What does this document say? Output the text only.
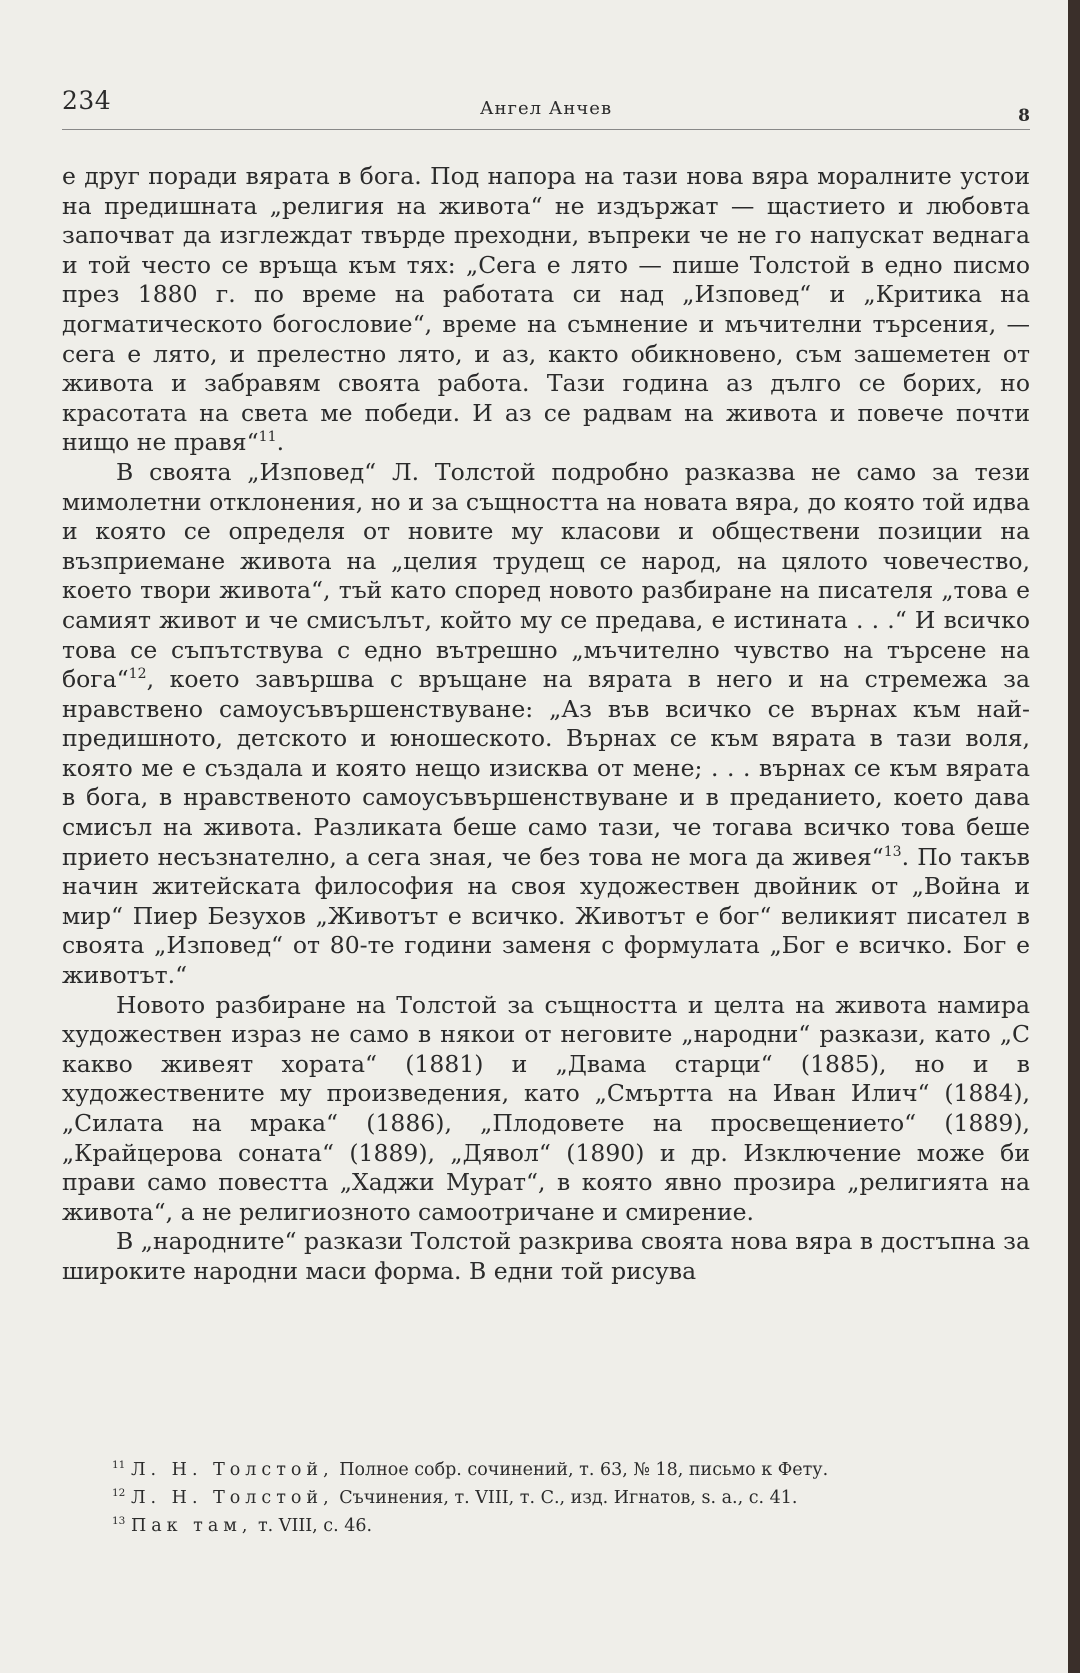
234	Ангел Анчев	8

е друг поради вярата в бога. Под напора на тази нова вяра моралните устои на предишната „религия на живота“ не издържат — щастието и любовта започват да изглеждат твърде преходни, въпреки че не го напускат веднага и той често се връща към тях: „Сега е лято — пише Толстой в едно писмо през 1880 г. по време на работата си над „Изповед“ и „Критика на догматическото богословие“, време на съмнение и мъчителни търсения, — сега е лято, и прелестно лято, и аз, както обикновено, съм зашеметен от живота и забравям своята работа. Тази година аз дълго се борих, но красотата на света ме победи. И аз се радвам на живота и повече почти нищо не правя“$^{11}$.

В своята „Изповед“ Л. Толстой подробно разказва не само за тези мимолетни отклонения, но и за същността на новата вяра, до която той идва и която се определя от новите му класови и обществени позиции на възприемане живота на „целия трудещ се народ, на цялото човечество, което твори живота“, тъй като според новото разбиране на писателя „това е самият живот и че смисълът, който му се предава, е истината . . .“ И всичко това се съпътствува с едно вътрешно „мъчително чувство на търсене на бога“$^{12}$, което завършва с връщане на вярата в него и на стремежа за нравствено самоусъвършенствуване: „Аз във всичко се върнах към най-предишното, детското и юношеското. Върнах се към вярата в тази воля, която ме е създала и която нещо изисква от мене; . . . върнах се към вярата в бога, в нравственото самоусъвършенствуване и в преданието, което дава смисъл на живота. Разликата беше само тази, че тогава всичко това беше прието несъзнателно, а сега зная, че без това не мога да живея“$^{13}$. По такъв начин житейската философия на своя художествен двойник от „Война и мир“ Пиер Безухов „Животът е всичко. Животът е бог“ великият писател в своята „Изповед“ от 80-те години заменя с формулата „Бог е всичко. Бог е животът.“

Новото разбиране на Толстой за същността и целта на живота намира художествен израз не само в някои от неговите „народни“ разкази, като „С какво живеят хората“ (1881) и „Двама старци“ (1885), но и в художествените му произведения, като „Смъртта на Иван Илич“ (1884), „Силата на мрака“ (1886), „Плодовете на просвещението“ (1889), „Крайцерова соната“ (1889), „Дявол“ (1890) и др. Изключение може би прави само повестта „Хаджи Мурат“, в която явно прозира „религията на живота“, а не религиозното самоотричане и смирение.

В „народните“ разкази Толстой разкрива своята нова вяра в достъпна за широките народни маси форма. В едни той рисува

$^{11}$ Л. Н. Толстой, Полное собр. сочинений, т. 63, № 18, письмо к Фету.

$^{12}$ Л. Н. Толстой, Съчинения, т. VIII, т. С., изд. Игнатов, s. a., с. 41.

$^{13}$ Пак там, т. VIII, с. 46.
